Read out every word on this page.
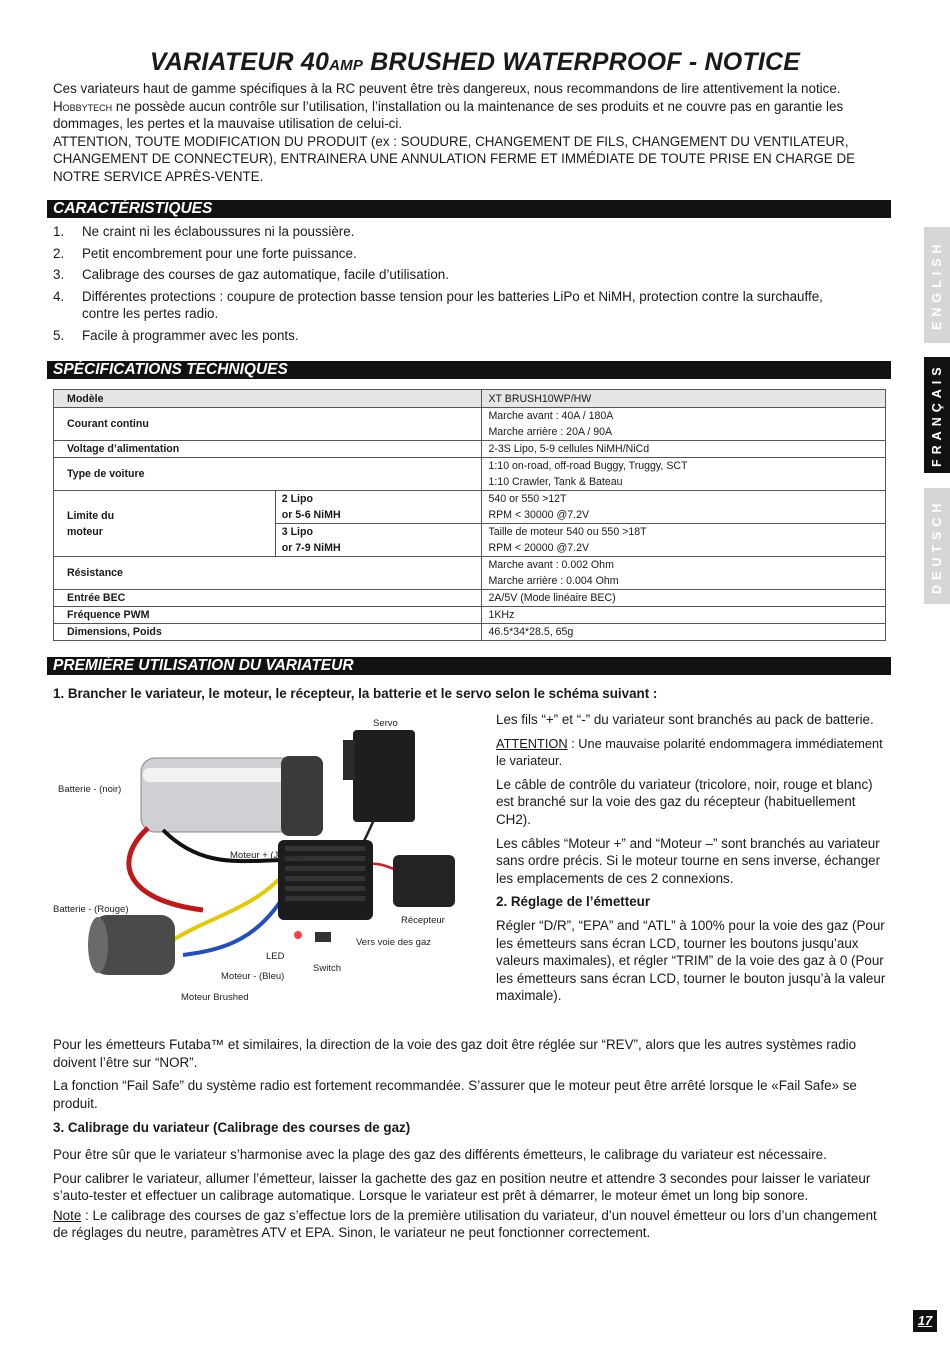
VARIATEUR 40AMP BRUSHED WATERPROOF - NOTICE

Ces variateurs haut de gamme spécifiques à la RC peuvent être très dangereux, nous recommandons de lire attentivement la notice. Hobbytech ne possède aucun contrôle sur l’utilisation, l’installation ou la maintenance de ses produits et ne couvre pas en garantie les dommages, les pertes et la mauvaise utilisation de celui-ci.

ATTENTION, TOUTE MODIFICATION DU PRODUIT (ex : SOUDURE, CHANGEMENT DE FILS, CHANGEMENT DU VENTILATEUR, CHANGEMENT DE CONNECTEUR), ENTRAINERA UNE ANNULATION FERME ET IMMÉDIATE DE TOUTE PRISE EN CHARGE DE NOTRE SERVICE APRÈS-VENTE.

CARACTÉRISTIQUES
1. Ne craint ni les éclaboussures ni la poussière.
2. Petit encombrement pour une forte puissance.
3. Calibrage des courses de gaz automatique, facile d’utilisation.
4. Différentes protections : coupure de protection basse tension pour les batteries LiPo et NiMH, protection contre la surchauffe, contre les pertes radio.
5. Facile à programmer avec les ponts.
SPÉCIFICATIONS TECHNIQUES
Modèle		XT BRUSH10WP/HW
Courant continu		Marche avant : 40A / 180A
Marche arrière : 20A / 90A

Voltage d’alimentation		2-3S Lipo, 5-9 cellules NiMH/NiCd

Type de voiture		1:10 on-road, off-road Buggy, Truggy, SCT
1:10 Crawler, Tank & Bateau

Limite du
moteur	2 Lipo
or 5-6 NiMH	540 or 550 >12T
RPM < 30000 @7.2V

	3 Lipo
or 7-9 NiMH	Taille de moteur 540 ou 550 >18T
RPM < 20000 @7.2V

Résistance		Marche avant : 0.002 Ohm
Marche arrière : 0.004 Ohm

Entrée BEC		2A/5V (Mode linéaire BEC)

Fréquence PWM		1KHz

Dimensions, Poids		46.5*34*28.5, 65g
PREMIÈRE UTILISATION DU VARIATEUR
1. Brancher le variateur, le moteur, le récepteur, la batterie et le servo selon le schéma suivant :
Servo
Batterie - (noir)
Moteur + (Jaune)
Batterie - (Rouge)
Récepteur
Vers voie des gaz
LED
Switch
Moteur - (Bleu)
Moteur Brushed

Les fils “+” et “-” du variateur sont branchés au pack de batterie.

ATTENTION : Une mauvaise polarité endommagera immédiatement le variateur.

Le câble de contrôle du variateur (tricolore, noir, rouge et blanc) est branché sur la voie des gaz du récepteur (habituellement CH2).

Les câbles “Moteur +” and “Moteur –” sont branchés au variateur sans ordre précis. Si le moteur tourne en sens inverse, échanger les emplacements de ces 2 connexions.

2. Réglage de l’émetteur

Régler “D/R”, “EPA” and “ATL” à 100% pour la voie des gaz (Pour les émetteurs sans écran LCD, tourner les boutons jusqu’aux valeurs maximales), et régler “TRIM” de la voie des gaz à 0 (Pour les émetteurs sans écran LCD, tourner le bouton jusqu’à la valeur maximale).

Pour les émetteurs Futaba™ et similaires, la direction de la voie des gaz doit être réglée sur “REV”, alors que les autres systèmes radio doivent l’être sur “NOR”.

La fonction “Fail Safe” du système radio est fortement recommandée. S’assurer que le moteur peut être arrêté lorsque le «Fail Safe» se produit.

3. Calibrage du variateur (Calibrage des courses de gaz)

Pour être sûr que le variateur s’harmonise avec la plage des gaz des différents émetteurs, le calibrage du variateur est nécessaire.

Pour calibrer le variateur, allumer l’émetteur, laisser la gachette des gaz en position neutre et attendre 3 secondes pour laisser le variateur s’auto-tester et effectuer un calibrage automatique. Lorsque le variateur est prêt à démarrer, le moteur émet un long bip sonore.

Note : Le calibrage des courses de gaz s’effectue lors de la première utilisation du variateur, d’un nouvel émetteur ou lors d’un changement de réglages du neutre, paramètres ATV et EPA. Sinon, le variateur ne peut fonctionner correctement.

ENGLISH
FRANÇAIS
DEUTSCH
17
